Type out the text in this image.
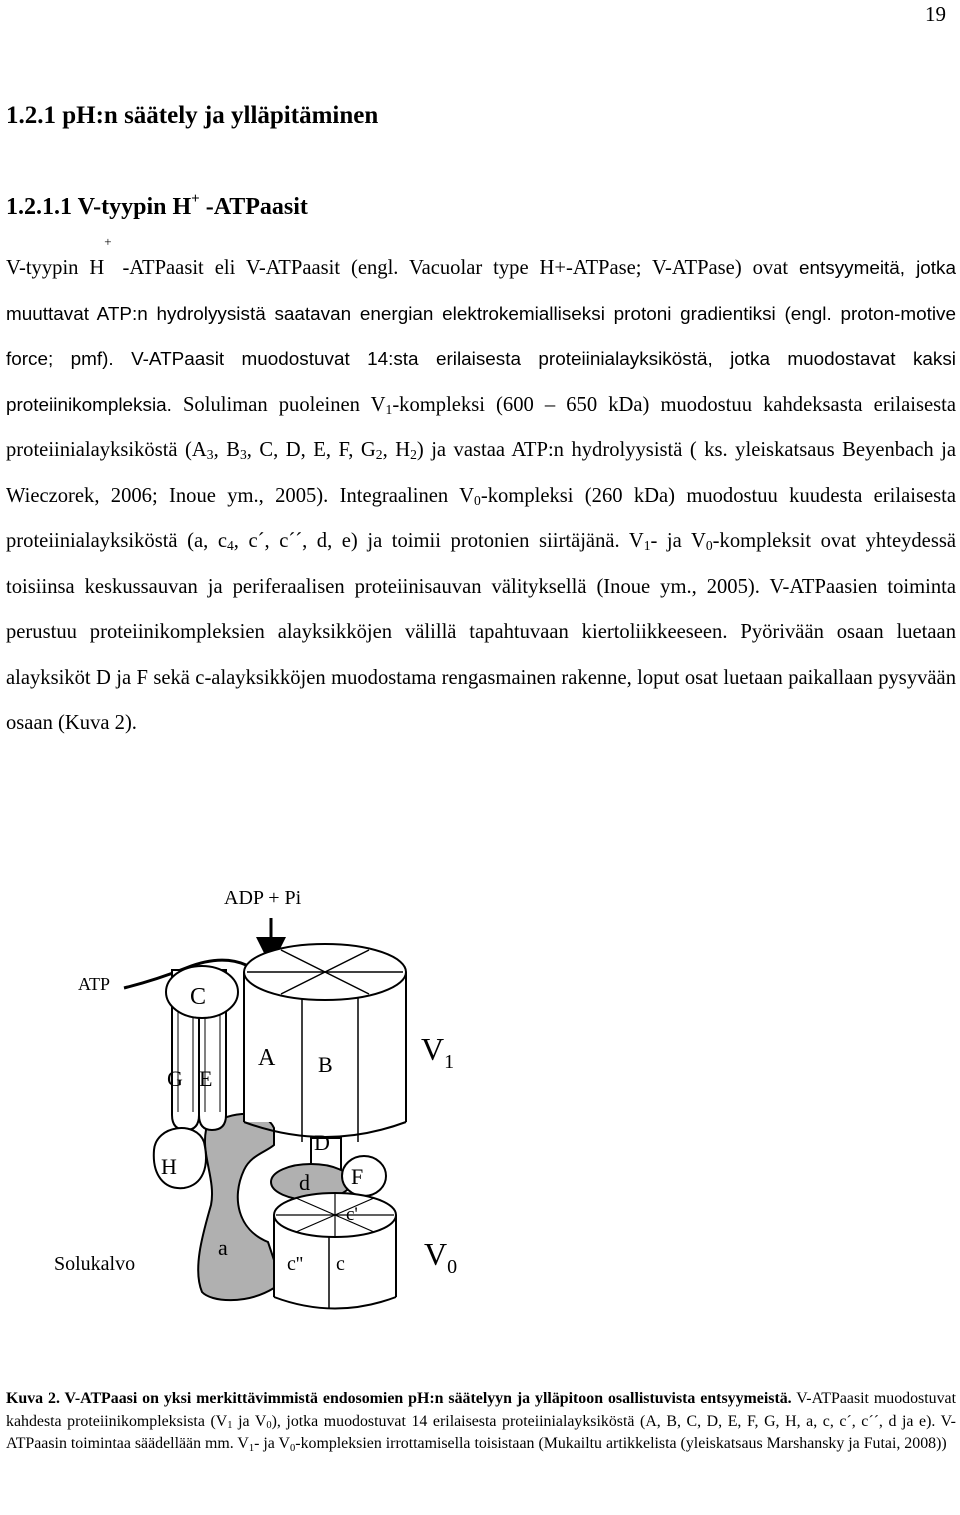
19
1.2.1 pH:n säätely ja ylläpitäminen
1.2.1.1 V-tyypin H+ -ATPaasit

V-tyypin H+ -ATPaasit eli V-ATPaasit (engl. Vacuolar type H+-ATPase; V-ATPase) ovat entsyymeitä, jotka muuttavat ATP:n hydrolyysistä saatavan energian elektrokemialliseksi protoni gradientiksi (engl. proton-motive force; pmf). V-ATPaasit muodostuvat 14:sta erilaisesta proteiinialayksiköstä, jotka muodostavat kaksi proteiinikompleksia. Soluliman puoleinen $V_1$-kompleksi (600 – 650 kDa) muodostuu kahdeksasta erilaisesta proteiinialayksiköstä ($A_3$, $B_3$, C, D, E, F, $G_2$, $H_2$) ja vastaa ATP:n hydrolyysistä ( ks. yleiskatsaus Beyenbach ja Wieczorek, 2006; Inoue ym., 2005). Integraalinen $V_0$-kompleksi (260 kDa) muodostuu kuudesta erilaisesta proteiinialayksiköstä (a, $c_4$, c´, c´´, d, e) ja toimii protonien siirtäjänä. $V_1-$ ja $V_0$-kompleksit ovat yhteydessä toisiinsa keskussauvan ja periferaalisen proteiinisauvan välityksellä (Inoue ym., 2005). V-ATPaasien toiminta perustuu proteiinikompleksien alayksikköjen välillä tapahtuvaan kiertoliikkeeseen. Pyörivään osaan luetaan alayksiköt D ja F sekä c-alayksikköjen muodostama rengasmainen rakenne, loput osat luetaan paikallaan pysyvään osaan (Kuva 2).

ADP + Pi
ATP	C
G E
H
A B
D
d F
c'
a
c'' c
Solukalvo
$V_1$
$V_0$

Kuva 2. V-ATPaasi on yksi merkittävimmistä endosomien pH:n säätelyyn ja ylläpitoon osallistuvista entsyymeistä. V-ATPaasit muodostuvat kahdesta proteiinikompleksista ($V_1$ ja $V_0$), jotka muodostuvat 14 erilaisesta proteiinialayksiköstä (A, B, C, D, E, F, G, H, a, c, c´, c´´, d ja e). V-ATPaasin toimintaa säädellään mm. $V_1-$ ja $V_0$-kompleksien irrottamisella toisistaan (Mukailtu artikkelista (yleiskatsaus Marshansky ja Futai, 2008))
